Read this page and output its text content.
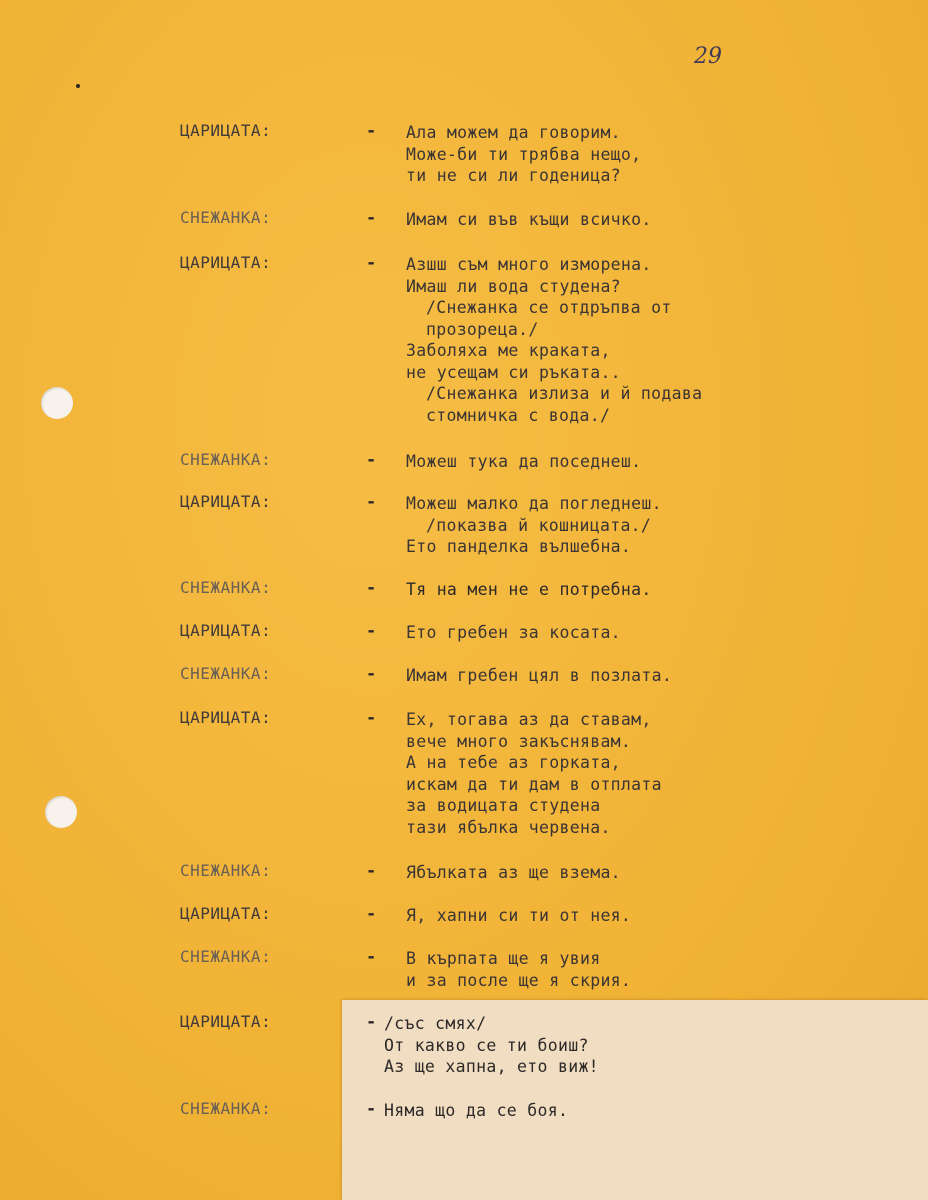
29
ЦАРИЦАТА:	- Ала можем да говорим.
Може-би ти трябва нещо,
ти не си ли годеница?
СНЕЖАНКА:	- Имам си във къщи всичко.
ЦАРИЦАТА:	- Азшш съм много изморена.
Имаш ли вода студена?
/Снежанка се отдръпва от
прозореца./
Заболяха ме краката,
не усещам си ръката..
/Снежанка излиза и й подава
стомничка с вода./
СНЕЖАНКА:	- Можеш тука да поседнеш.
ЦАРИЦАТА:	- Можеш малко да погледнеш.
/показва й кошницата./
Ето панделка вълшебна.
СНЕЖАНКА:	- Тя на мен не е потребна.
ЦАРИЦАТА:	- Ето гребен за косата.
СНЕЖАНКА:	- Имам гребен цял в позлата.
ЦАРИЦАТА:	- Ех, тогава аз да ставам,
вече много закъснявам.
А на тебе аз горката,
искам да ти дам в отплата
за водицата студена
тази ябълка червена.
СНЕЖАНКА:	- Ябълката аз ще взема.
ЦАРИЦАТА:	- Я, хапни си ти от нея.
СНЕЖАНКА:	- В кърпата ще я увия
и за после ще я скрия.
ЦАРИЦАТА:	- /със смях/
От какво се ти боиш?
Аз ще хапна, ето виж!
СНЕЖАНКА:	- Няма що да се боя.
